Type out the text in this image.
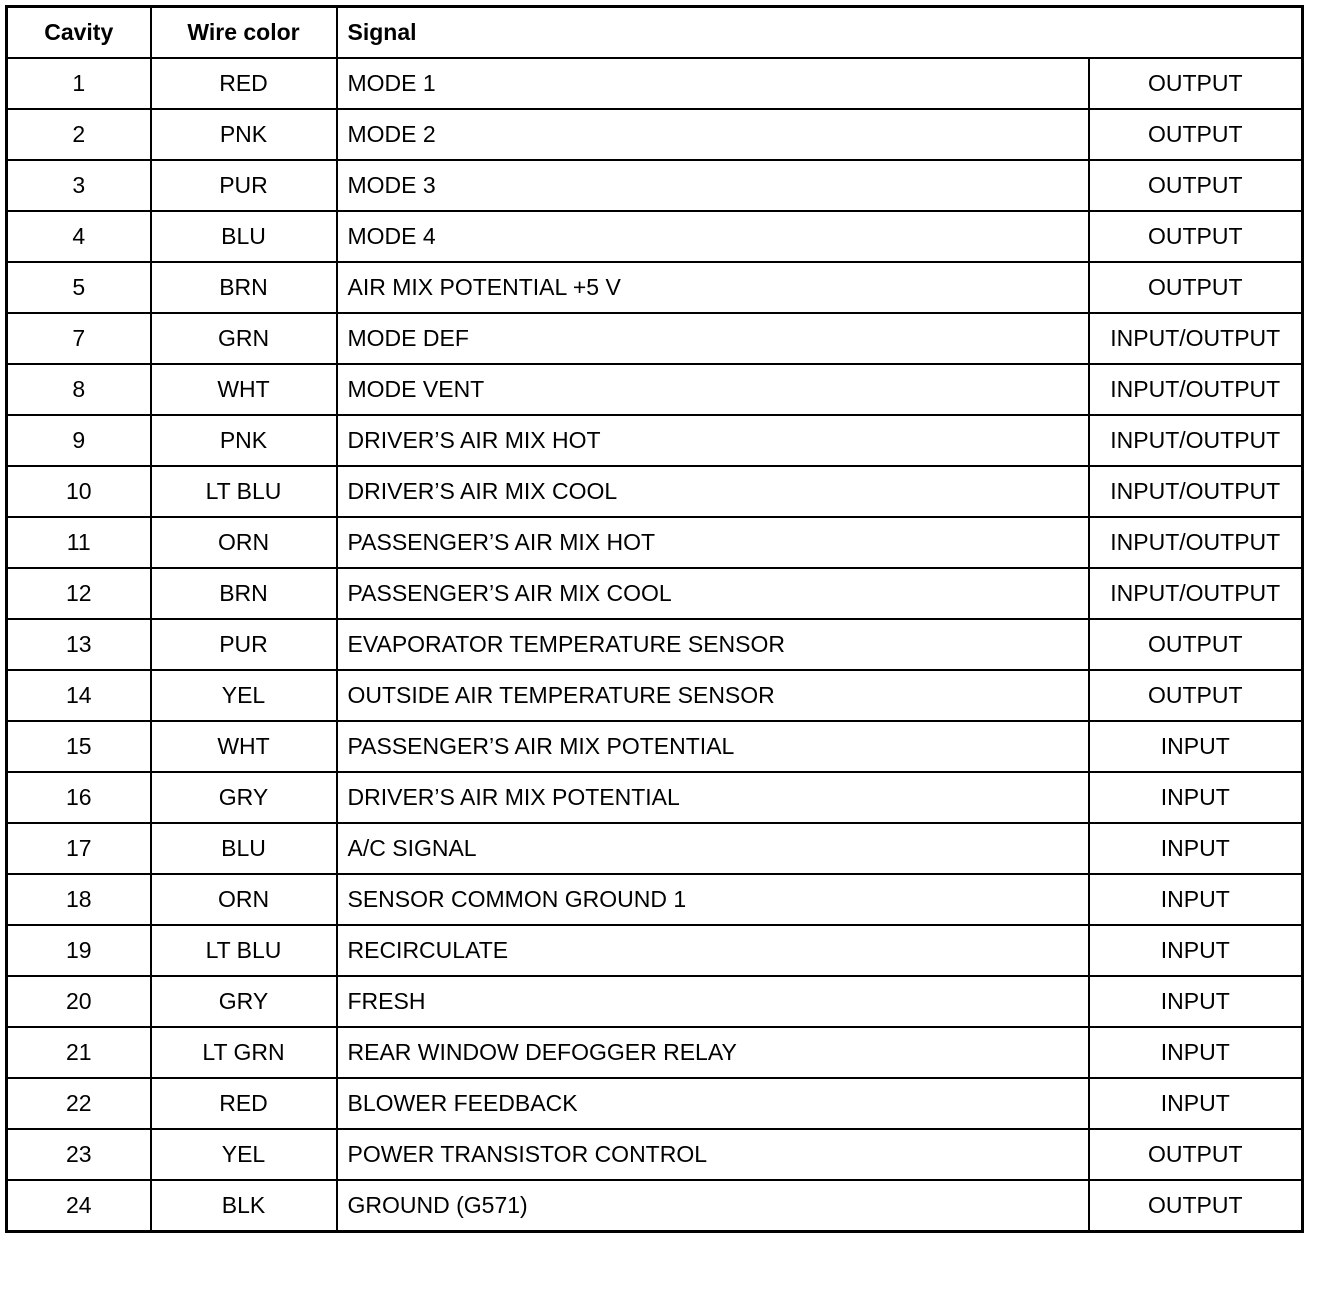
Cavity	Wire color	Signal	
1	RED	MODE 1	OUTPUT
2	PNK	MODE 2	OUTPUT
3	PUR	MODE 3	OUTPUT
4	BLU	MODE 4	OUTPUT
5	BRN	AIR MIX POTENTIAL +5 V	OUTPUT
7	GRN	MODE DEF	INPUT/OUTPUT
8	WHT	MODE VENT	INPUT/OUTPUT
9	PNK	DRIVER’S AIR MIX HOT	INPUT/OUTPUT
10	LT BLU	DRIVER’S AIR MIX COOL	INPUT/OUTPUT
11	ORN	PASSENGER’S AIR MIX HOT	INPUT/OUTPUT
12	BRN	PASSENGER’S AIR MIX COOL	INPUT/OUTPUT
13	PUR	EVAPORATOR TEMPERATURE SENSOR	OUTPUT
14	YEL	OUTSIDE AIR TEMPERATURE SENSOR	OUTPUT
15	WHT	PASSENGER’S AIR MIX POTENTIAL	INPUT
16	GRY	DRIVER’S AIR MIX POTENTIAL	INPUT
17	BLU	A/C SIGNAL	INPUT
18	ORN	SENSOR COMMON GROUND 1	INPUT
19	LT BLU	RECIRCULATE	INPUT
20	GRY	FRESH	INPUT
21	LT GRN	REAR WINDOW DEFOGGER RELAY	INPUT
22	RED	BLOWER FEEDBACK	INPUT
23	YEL	POWER TRANSISTOR CONTROL	OUTPUT
24	BLK	GROUND (G571)	OUTPUT
